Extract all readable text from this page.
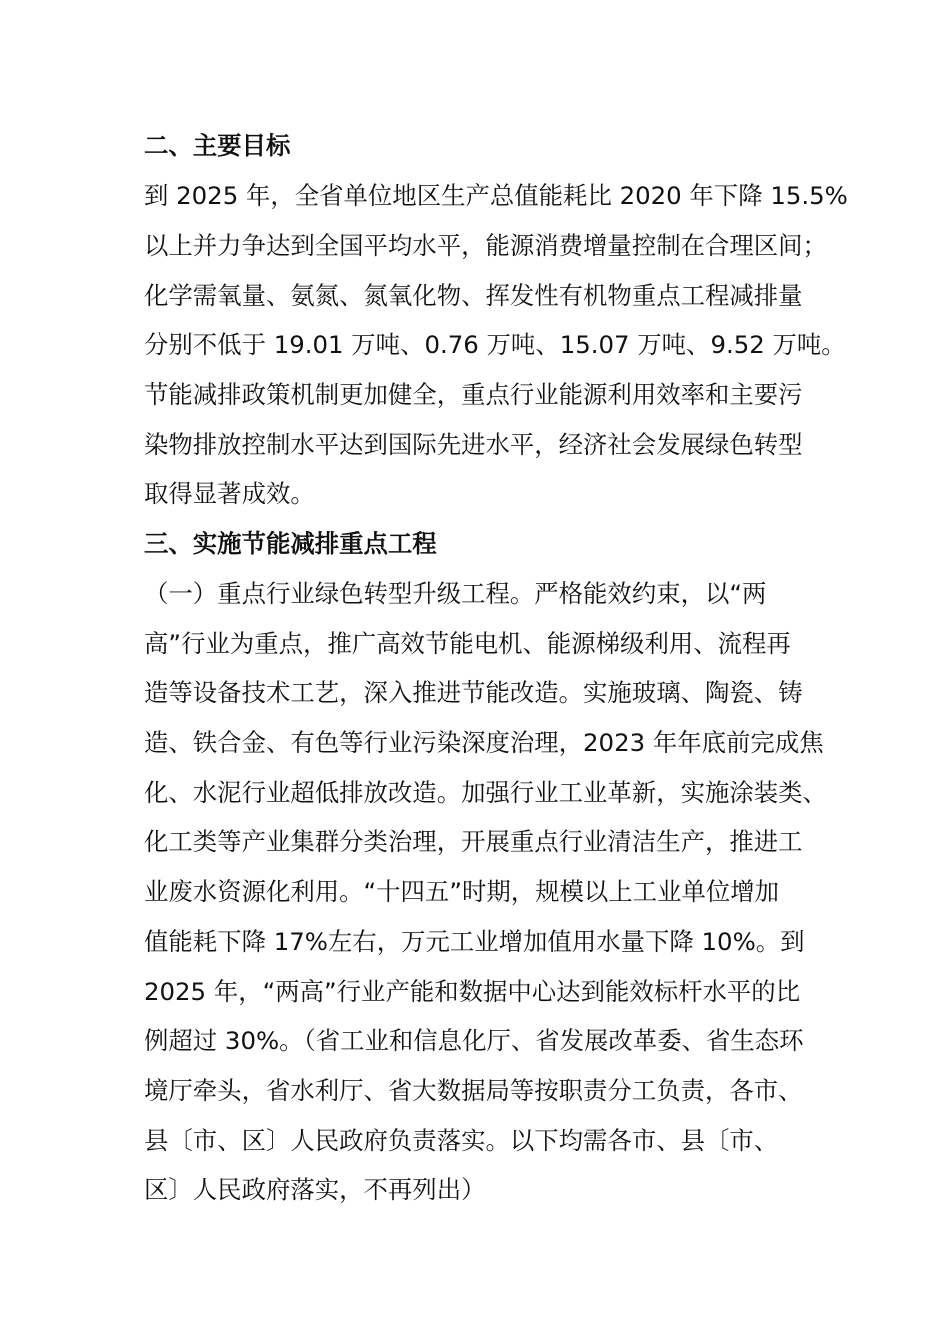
二、主要目标
到 2025 年，全省单位地区生产总值能耗比 2020 年下降 15.5%
以上并力争达到全国平均水平，能源消费增量控制在合理区间；
化学需氧量、氨氮、氮氧化物、挥发性有机物重点工程减排量
分别不低于 19.01 万吨、0.76 万吨、15.07 万吨、9.52 万吨。
节能减排政策机制更加健全，重点行业能源利用效率和主要污
染物排放控制水平达到国际先进水平，经济社会发展绿色转型
取得显著成效。
三、实施节能减排重点工程
（一）重点行业绿色转型升级工程。严格能效约束，以“两
高”行业为重点，推广高效节能电机、能源梯级利用、流程再
造等设备技术工艺，深入推进节能改造。实施玻璃、陶瓷、铸
造、铁合金、有色等行业污染深度治理，2023 年年底前完成焦
化、水泥行业超低排放改造。加强行业工业革新，实施涂装类、
化工类等产业集群分类治理，开展重点行业清洁生产，推进工
业废水资源化利用。“十四五”时期，规模以上工业单位增加
值能耗下降 17%左右，万元工业增加值用水量下降 10%。到
2025 年，“两高”行业产能和数据中心达到能效标杆水平的比
例超过 30%。（省工业和信息化厅、省发展改革委、省生态环
境厅牵头，省水利厅、省大数据局等按职责分工负责，各市、
县〔市、区〕人民政府负责落实。以下均需各市、县〔市、
区〕人民政府落实，不再列出）
